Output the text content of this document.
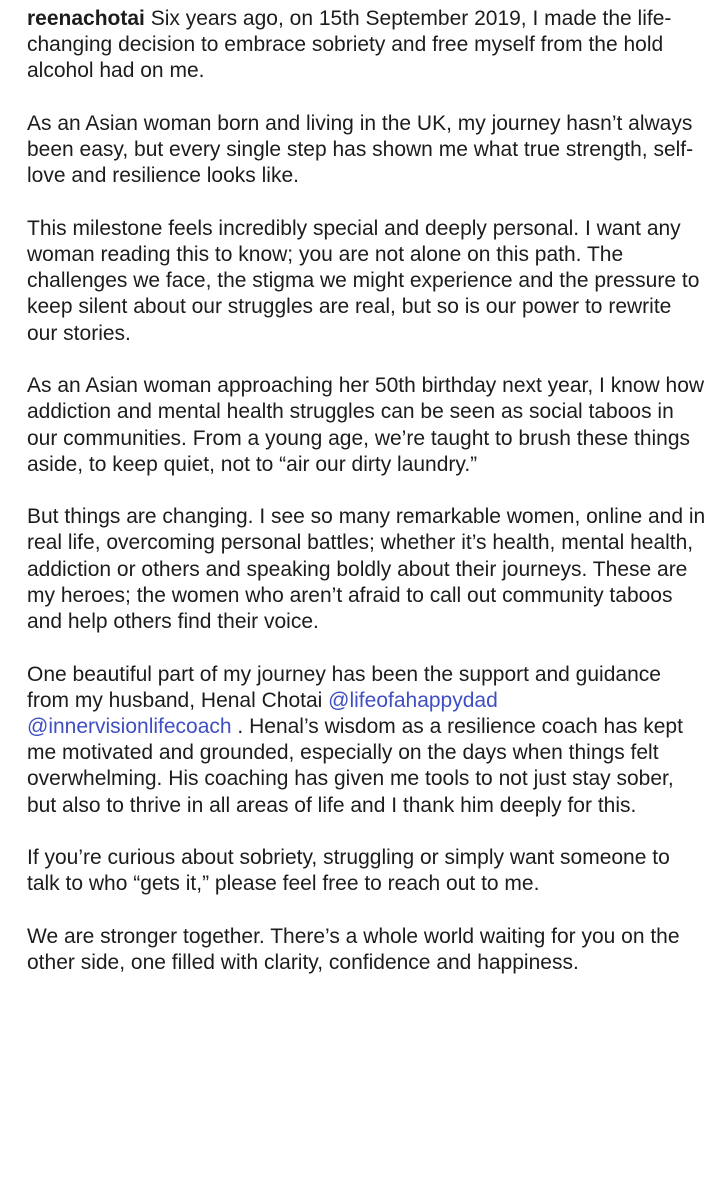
reenachotai Six years ago, on 15th September 2019, I made the life-changing decision to embrace sobriety and free myself from the hold alcohol had on me.

As an Asian woman born and living in the UK, my journey hasn’t always been easy, but every single step has shown me what true strength, self-love and resilience looks like.

This milestone feels incredibly special and deeply personal. I want any woman reading this to know; you are not alone on this path. The challenges we face, the stigma we might experience and the pressure to keep silent about our struggles are real, but so is our power to rewrite our stories.

As an Asian woman approaching her 50th birthday next year, I know how addiction and mental health struggles can be seen as social taboos in our communities. From a young age, we’re taught to brush these things aside, to keep quiet, not to “air our dirty laundry.”

But things are changing. I see so many remarkable women, online and in real life, overcoming personal battles; whether it’s health, mental health, addiction or others and speaking boldly about their journeys. These are my heroes; the women who aren’t afraid to call out community taboos and help others find their voice.

One beautiful part of my journey has been the support and guidance from my husband, Henal Chotai @lifeofahappydad @innervisionlifecoach . Henal’s wisdom as a resilience coach has kept me motivated and grounded, especially on the days when things felt overwhelming. His coaching has given me tools to not just stay sober, but also to thrive in all areas of life and I thank him deeply for this.

If you’re curious about sobriety, struggling or simply want someone to talk to who “gets it,” please feel free to reach out to me.

We are stronger together. There’s a whole world waiting for you on the other side, one filled with clarity, confidence and happiness.
